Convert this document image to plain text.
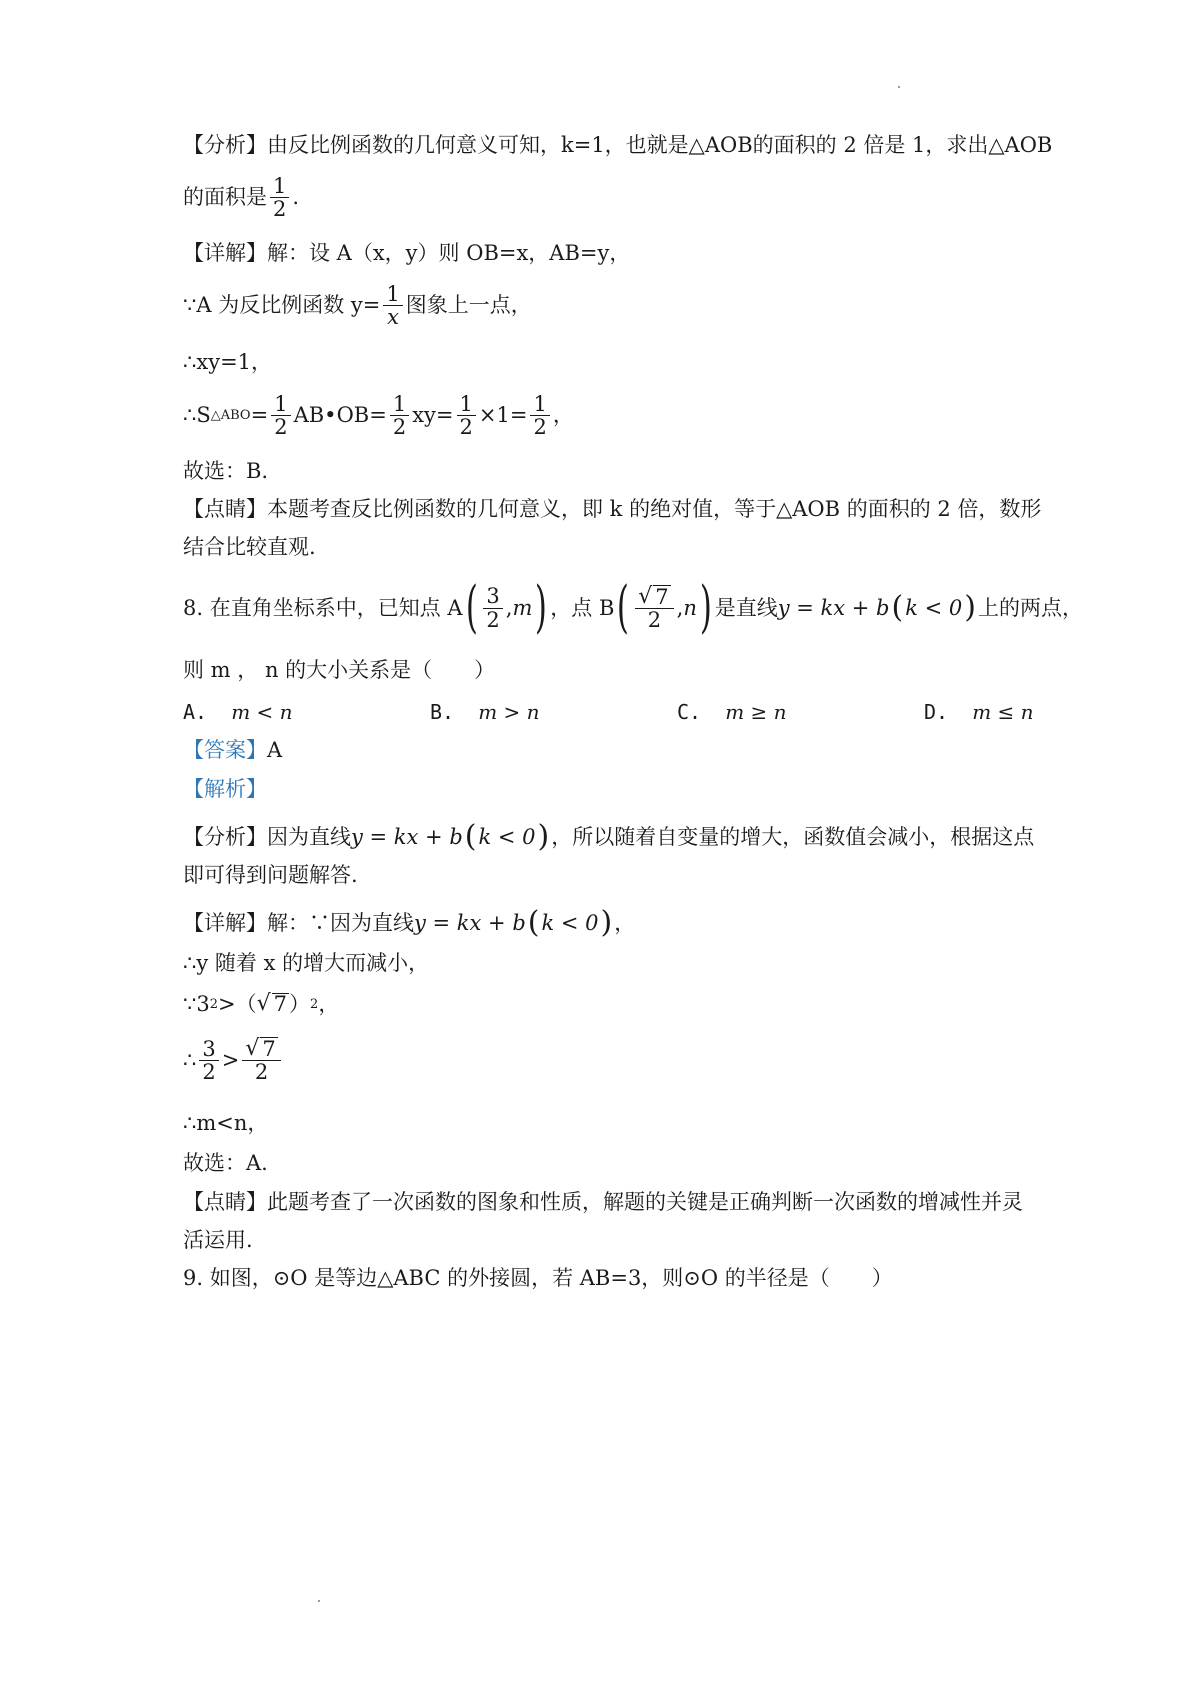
【分析】由反比例函数的几何意义可知，k=1，也就是△AOB的面积的 2 倍是 1，求出△AOB
的面积是 $\frac{1}{2}$ .
【详解】解：设 A（x，y）则 OB=x，AB=y，
∵A 为反比例函数 $y= \frac{1}{x}$ 图象上一点，
∴xy=1，
∴S △ABO = $\frac{1}{2}$ AB•OB= $\frac{1}{2} xy= \frac{1}{2} \times 1= \frac{1}{2}$ ，
故选：B.
【点睛】本题考查反比例函数的几何意义，即 k 的绝对值，等于△AOB 的面积的 2 倍，数形
结合比较直观.
8. 在直角坐标系中，已知点 A ( $\frac{3}{2}$ , m ) ，点 B ( $\frac{√ 7}{2}$ , n ) 是直线 y = kx + b ( k < 0 ) 上的两点，
则 m ， n 的大小关系是（　　）
A. m < n	B. m > n	C. m ≥ n	D. m ≤ n
【答案】 A
【解析】
【分析】因为直线 y = kx + b ( k < 0 ) ，所以随着自变量的增大，函数值会减小，根据这点
即可得到问题解答.
【详解】解：∵因为直线 y = kx + b ( k < 0 ) ，
∴y 随着 x 的增大而减小，
∵3 2 >（ √ 7 ） 2 ，
∴ $\frac{3}{2} > \frac{√ 7}{2}$
∴m<n，
故选：A.
【点睛】此题考查了一次函数的图象和性质，解题的关键是正确判断一次函数的增减性并灵
活运用.
9. 如图，⊙O 是等边△ABC 的外接圆，若 AB=3，则⊙O 的半径是（　　）
